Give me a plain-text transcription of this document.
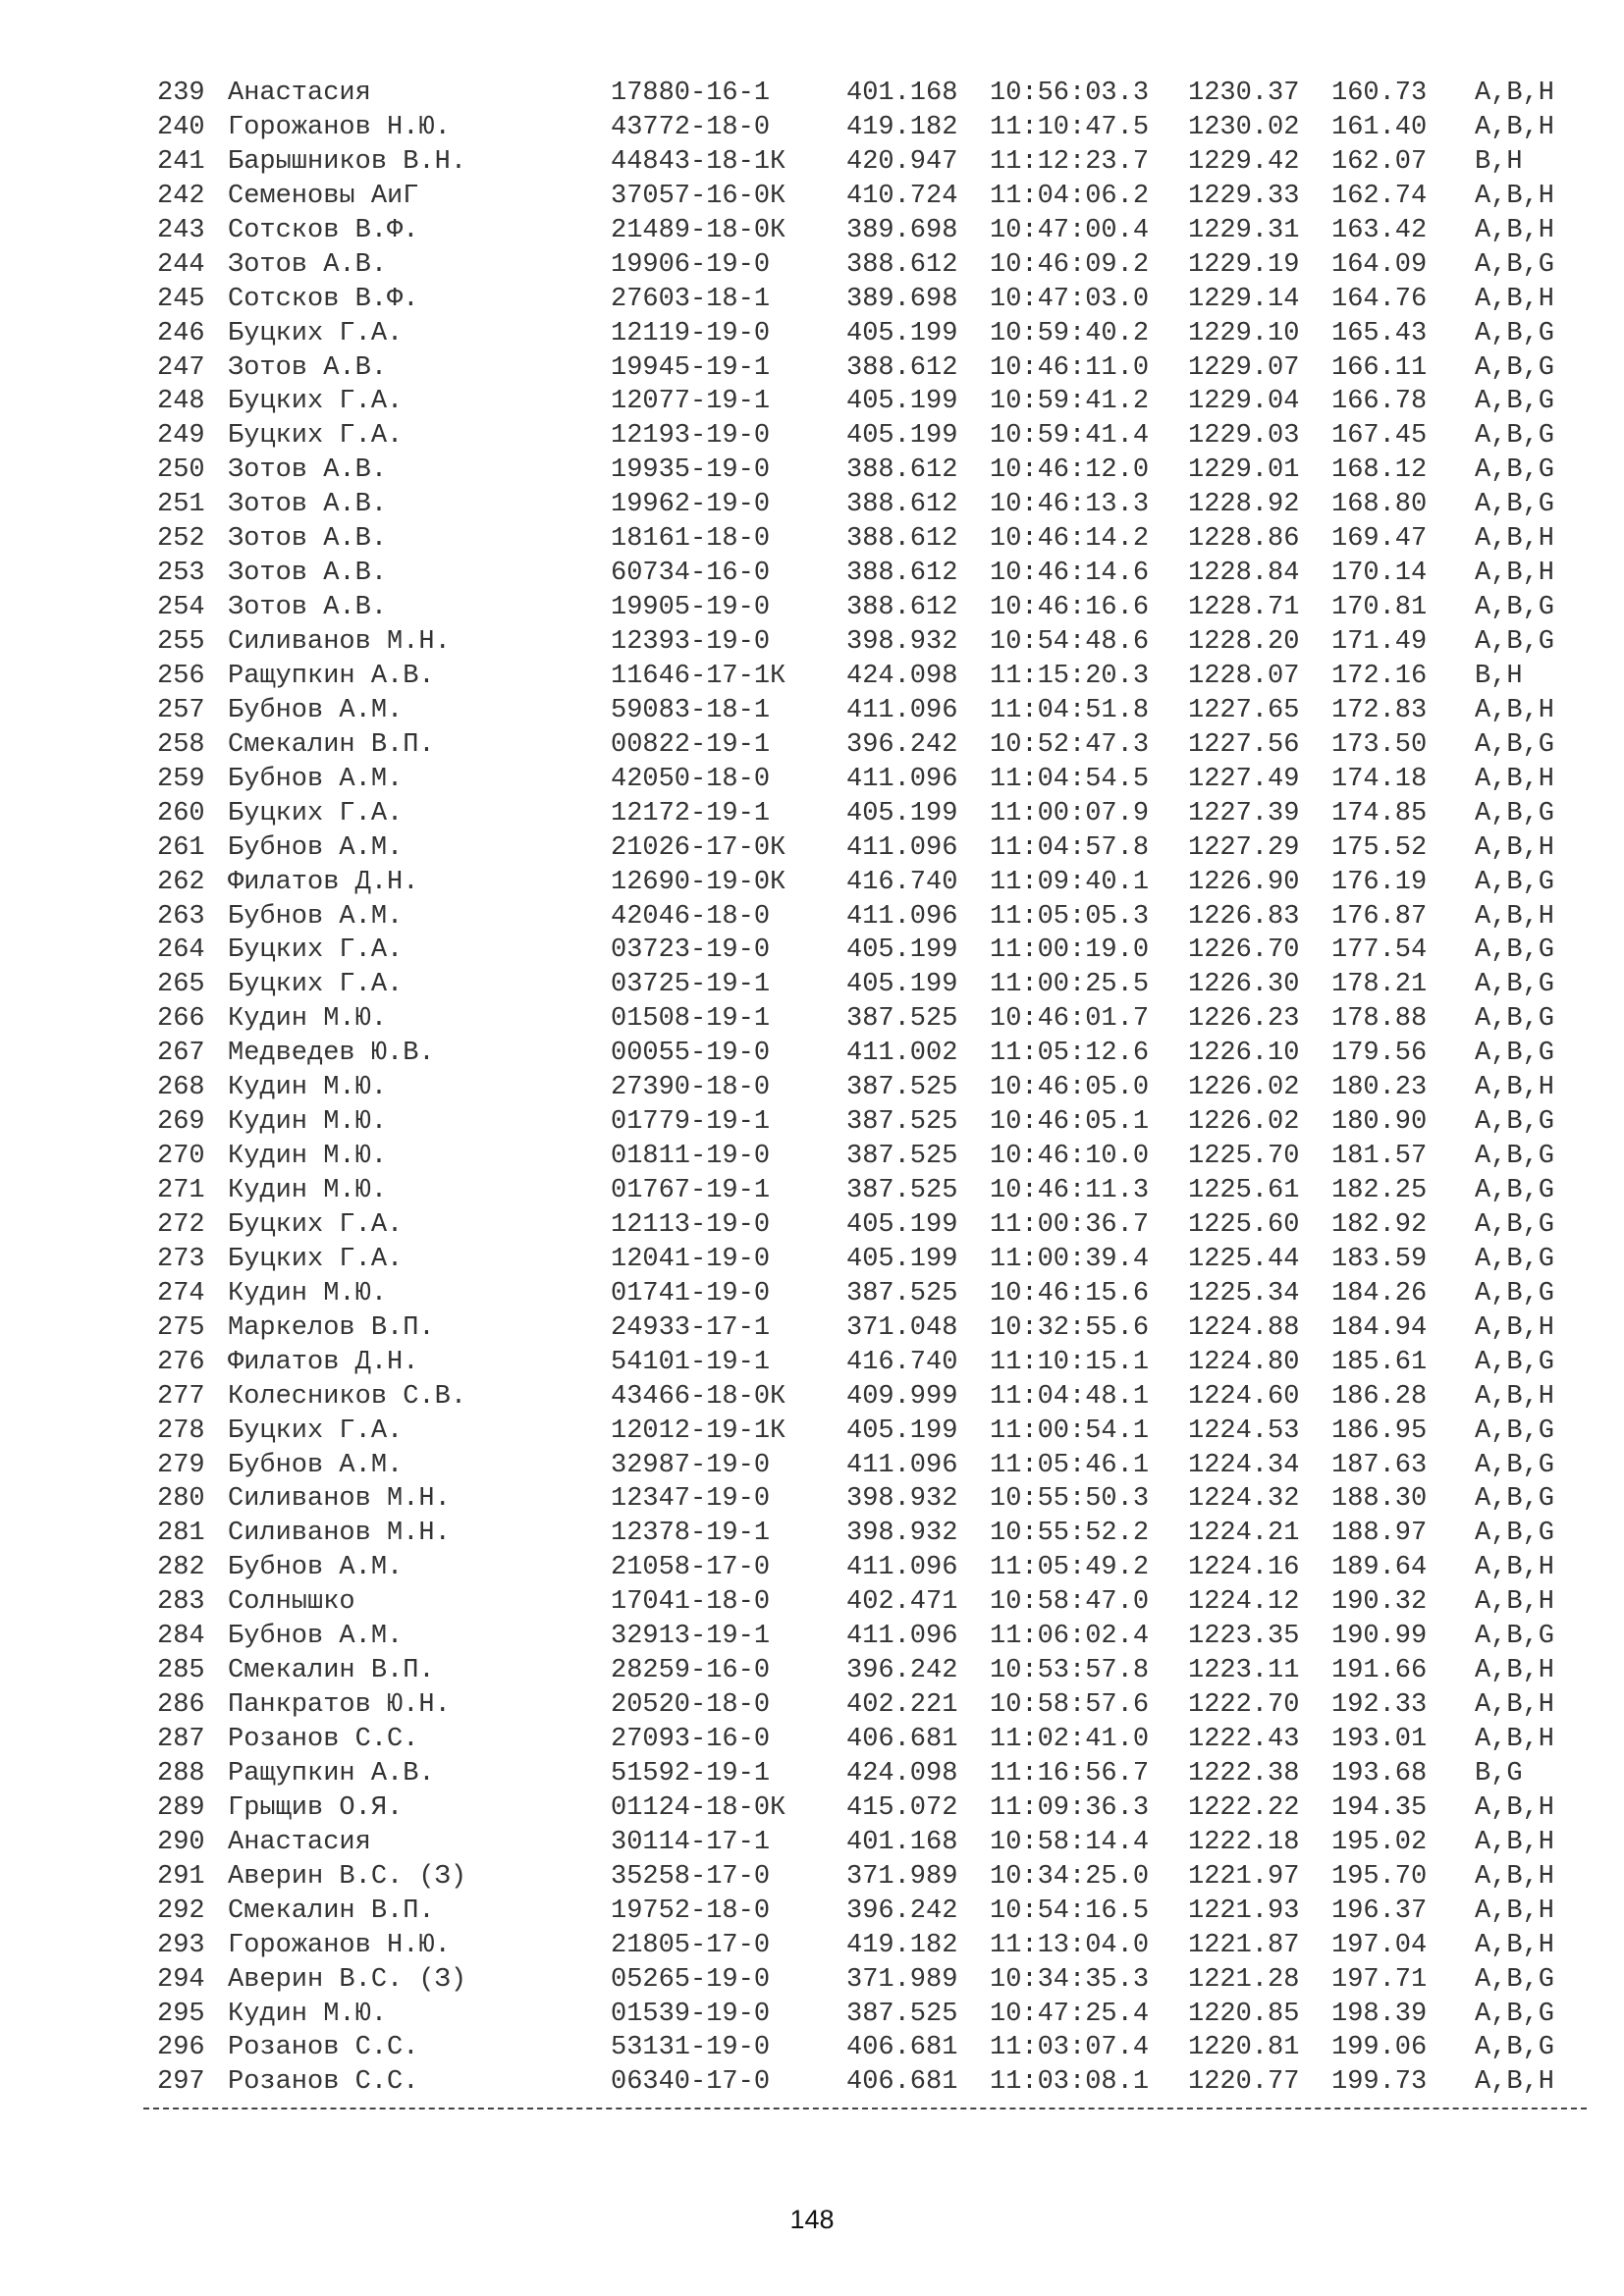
239 Анастасия	17880-16-1	401.168 10:56:03.3 1230.37 160.73 A,B,H
240 Горожанов Н.Ю.	43772-18-0	419.182 11:10:47.5 1230.02 161.40 A,B,H
241 Барышников В.Н.	44843-18-1К 420.947 11:12:23.7 1229.42 162.07 B,H
242 Семеновы АиГ	37057-16-0К 410.724 11:04:06.2 1229.33 162.74 A,B,H
243 Сотсков В.Ф.	21489-18-0К 389.698 10:47:00.4 1229.31 163.42 A,B,H
244 Зотов А.В.	19906-19-0	388.612 10:46:09.2 1229.19 164.09 A,B,G
245 Сотсков В.Ф.	27603-18-1	389.698 10:47:03.0 1229.14 164.76 A,B,H
246 Буцких Г.А.	12119-19-0	405.199 10:59:40.2 1229.10 165.43 A,B,G
247 Зотов А.В.	19945-19-1	388.612 10:46:11.0 1229.07 166.11 A,B,G
248 Буцких Г.А.	12077-19-1	405.199 10:59:41.2 1229.04 166.78 A,B,G
249 Буцких Г.А.	12193-19-0	405.199 10:59:41.4 1229.03 167.45 A,B,G
250 Зотов А.В.	19935-19-0	388.612 10:46:12.0 1229.01 168.12 A,B,G
251 Зотов А.В.	19962-19-0	388.612 10:46:13.3 1228.92 168.80 A,B,G
252 Зотов А.В.	18161-18-0	388.612 10:46:14.2 1228.86 169.47 A,B,H
253 Зотов А.В.	60734-16-0	388.612 10:46:14.6 1228.84 170.14 A,B,H
254 Зотов А.В.	19905-19-0	388.612 10:46:16.6 1228.71 170.81 A,B,G
255 Силиванов М.Н.	12393-19-0	398.932 10:54:48.6 1228.20 171.49 A,B,G
256 Ращупкин А.В.	11646-17-1К 424.098 11:15:20.3 1228.07 172.16 B,H
257 Бубнов А.М.	59083-18-1	411.096 11:04:51.8 1227.65 172.83 A,B,H
258 Смекалин В.П.	00822-19-1	396.242 10:52:47.3 1227.56 173.50 A,B,G
259 Бубнов А.М.	42050-18-0	411.096 11:04:54.5 1227.49 174.18 A,B,H
260 Буцких Г.А.	12172-19-1	405.199 11:00:07.9 1227.39 174.85 A,B,G
261 Бубнов А.М.	21026-17-0К 411.096 11:04:57.8 1227.29 175.52 A,B,H
262 Филатов Д.Н.	12690-19-0К 416.740 11:09:40.1 1226.90 176.19 A,B,G
263 Бубнов А.М.	42046-18-0	411.096 11:05:05.3 1226.83 176.87 A,B,H
264 Буцких Г.А.	03723-19-0	405.199 11:00:19.0 1226.70 177.54 A,B,G
265 Буцких Г.А.	03725-19-1	405.199 11:00:25.5 1226.30 178.21 A,B,G
266 Кудин М.Ю.	01508-19-1	387.525 10:46:01.7 1226.23 178.88 A,B,G
267 Медведев Ю.В.	00055-19-0	411.002 11:05:12.6 1226.10 179.56 A,B,G
268 Кудин М.Ю.	27390-18-0	387.525 10:46:05.0 1226.02 180.23 A,B,H
269 Кудин М.Ю.	01779-19-1	387.525 10:46:05.1 1226.02 180.90 A,B,G
270 Кудин М.Ю.	01811-19-0	387.525 10:46:10.0 1225.70 181.57 A,B,G
271 Кудин М.Ю.	01767-19-1	387.525 10:46:11.3 1225.61 182.25 A,B,G
272 Буцких Г.А.	12113-19-0	405.199 11:00:36.7 1225.60 182.92 A,B,G
273 Буцких Г.А.	12041-19-0	405.199 11:00:39.4 1225.44 183.59 A,B,G
274 Кудин М.Ю.	01741-19-0	387.525 10:46:15.6 1225.34 184.26 A,B,G
275 Маркелов В.П.	24933-17-1	371.048 10:32:55.6 1224.88 184.94 A,B,H
276 Филатов Д.Н.	54101-19-1	416.740 11:10:15.1 1224.80 185.61 A,B,G
277 Колесников С.В.	43466-18-0К 409.999 11:04:48.1 1224.60 186.28 A,B,H
278 Буцких Г.А.	12012-19-1К 405.199 11:00:54.1 1224.53 186.95 A,B,G
279 Бубнов А.М.	32987-19-0	411.096 11:05:46.1 1224.34 187.63 A,B,G
280 Силиванов М.Н.	12347-19-0	398.932 10:55:50.3 1224.32 188.30 A,B,G
281 Силиванов М.Н.	12378-19-1	398.932 10:55:52.2 1224.21 188.97 A,B,G
282 Бубнов А.М.	21058-17-0	411.096 11:05:49.2 1224.16 189.64 A,B,H
283 Солнышко	17041-18-0	402.471 10:58:47.0 1224.12 190.32 A,B,H
284 Бубнов А.М.	32913-19-1	411.096 11:06:02.4 1223.35 190.99 A,B,G
285 Смекалин В.П.	28259-16-0	396.242 10:53:57.8 1223.11 191.66 A,B,H
286 Панкратов Ю.Н.	20520-18-0	402.221 10:58:57.6 1222.70 192.33 A,B,H
287 Розанов С.С.	27093-16-0	406.681 11:02:41.0 1222.43 193.01 A,B,H
288 Ращупкин А.В.	51592-19-1	424.098 11:16:56.7 1222.38 193.68 B,G
289 Грыщив О.Я.	01124-18-0К 415.072 11:09:36.3 1222.22 194.35 A,B,H
290 Анастасия	30114-17-1	401.168 10:58:14.4 1222.18 195.02 A,B,H
291 Аверин В.С. (З)	35258-17-0	371.989 10:34:25.0 1221.97 195.70 A,B,H
292 Смекалин В.П.	19752-18-0	396.242 10:54:16.5 1221.93 196.37 A,B,H
293 Горожанов Н.Ю.	21805-17-0	419.182 11:13:04.0 1221.87 197.04 A,B,H
294 Аверин В.С. (З)	05265-19-0	371.989 10:34:35.3 1221.28 197.71 A,B,G
295 Кудин М.Ю.	01539-19-0	387.525 10:47:25.4 1220.85 198.39 A,B,G
296 Розанов С.С.	53131-19-0	406.681 11:03:07.4 1220.81 199.06 A,B,G
297 Розанов С.С.	06340-17-0	406.681 11:03:08.1 1220.77 199.73 A,B,H
148
